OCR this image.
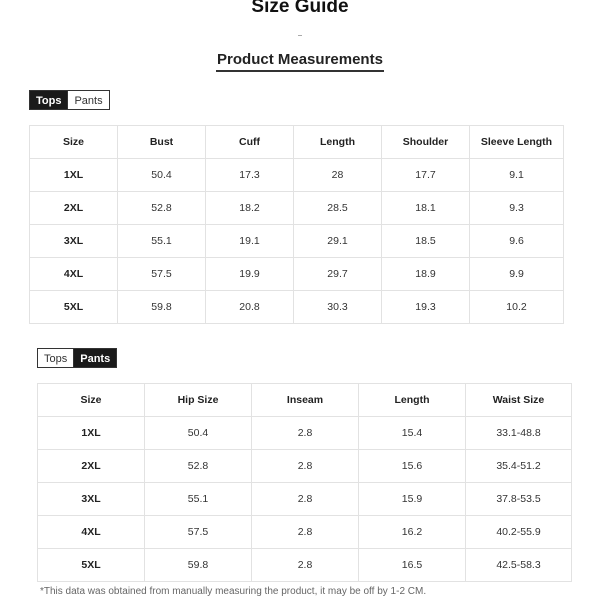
Size Guide
Product Measurements
Tops	Pants
Size	Bust	Cuff	Length	Shoulder	Sleeve Length
1XL	50.4	17.3	28	17.7	9.1
2XL	52.8	18.2	28.5	18.1	9.3
3XL	55.1	19.1	29.1	18.5	9.6
4XL	57.5	19.9	29.7	18.9	9.9
5XL	59.8	20.8	30.3	19.3	10.2
Tops	Pants
Size	Hip Size	Inseam	Length	Waist Size
1XL	50.4	2.8	15.4	33.1-48.8
2XL	52.8	2.8	15.6	35.4-51.2
3XL	55.1	2.8	15.9	37.8-53.5
4XL	57.5	2.8	16.2	40.2-55.9
5XL	59.8	2.8	16.5	42.5-58.3
*This data was obtained from manually measuring the product, it may be off by 1-2 CM.
